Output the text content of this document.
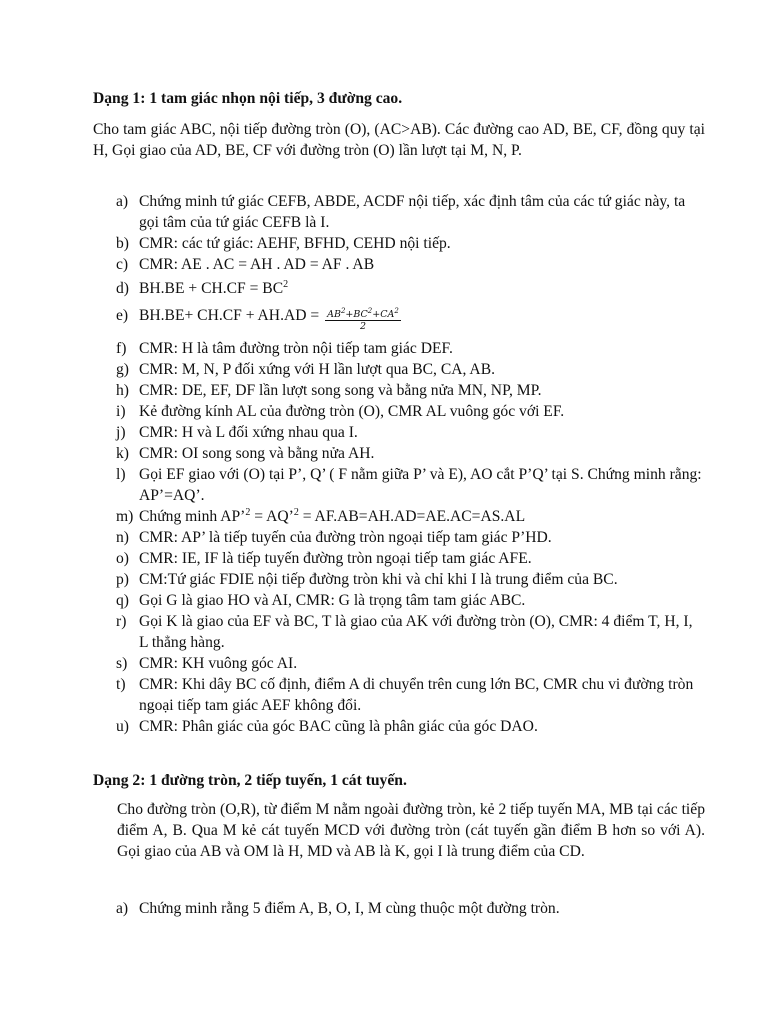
Dạng 1: 1 tam giác nhọn nội tiếp, 3 đường cao.
Cho tam giác ABC, nội tiếp đường tròn (O), (AC>AB). Các đường cao AD, BE, CF, đồng quy tại H, Gọi giao của AD, BE, CF với đường tròn (O) lần lượt tại M, N, P.
a) Chứng minh tứ giác CEFB, ABDE, ACDF nội tiếp, xác định tâm của các tứ giác này, ta gọi tâm của tứ giác CEFB là I.
b) CMR: các tứ giác: AEHF, BFHD, CEHD nội tiếp.
c) CMR: AE . AC = AH . AD = AF . AB
d) $BH.BE + CH.CF = BC^2$
e) $BH.BE+ CH.CF + AH.AD = \frac{AB^2+BC^2+CA^2}{2}$
f) CMR: H là tâm đường tròn nội tiếp tam giác DEF.
g) CMR: M, N, P đối xứng với H lần lượt qua BC, CA, AB.
h) CMR: DE, EF, DF lần lượt song song và bằng nửa MN, NP, MP.
i) Kẻ đường kính AL của đường tròn (O), CMR AL vuông góc với EF.
j) CMR: H và L đối xứng nhau qua I.
k) CMR: OI song song và bằng nửa AH.
l) Gọi EF giao với (O) tại P’, Q’ ( F nằm giữa P’ và E), AO cắt P’Q’ tại S. Chứng minh rằng: AP’=AQ’.
m) Chứng minh AP’$^2$ = AQ’$^2$ = AF.AB=AH.AD=AE.AC=AS.AL
n) CMR: AP’ là tiếp tuyến của đường tròn ngoại tiếp tam giác P’HD.
o) CMR: IE, IF là tiếp tuyến đường tròn ngoại tiếp tam giác AFE.
p) CM:Tứ giác FDIE nội tiếp đường tròn khi và chỉ khi I là trung điểm của BC.
q) Gọi G là giao HO và AI, CMR: G là trọng tâm tam giác ABC.
r) Gọi K là giao của EF và BC, T là giao của AK với đường tròn (O), CMR: 4 điểm T, H, I, L thẳng hàng.
s) CMR: KH vuông góc AI.
t) CMR: Khi dây BC cố định, điểm A di chuyển trên cung lớn BC, CMR chu vi đường tròn ngoại tiếp tam giác AEF không đổi.
u) CMR: Phân giác của góc BAC cũng là phân giác của góc DAO.
Dạng 2: 1 đường tròn, 2 tiếp tuyến, 1 cát tuyến.
Cho đường tròn (O,R), từ điểm M nằm ngoài đường tròn, kẻ 2 tiếp tuyến MA, MB tại các tiếp điểm A, B. Qua M kẻ cát tuyến MCD với đường tròn (cát tuyến gần điểm B hơn so với A). Gọi giao của AB và OM là H, MD và AB là K, gọi I là trung điểm của CD.
a) Chứng minh rằng 5 điểm A, B, O, I, M cùng thuộc một đường tròn.
